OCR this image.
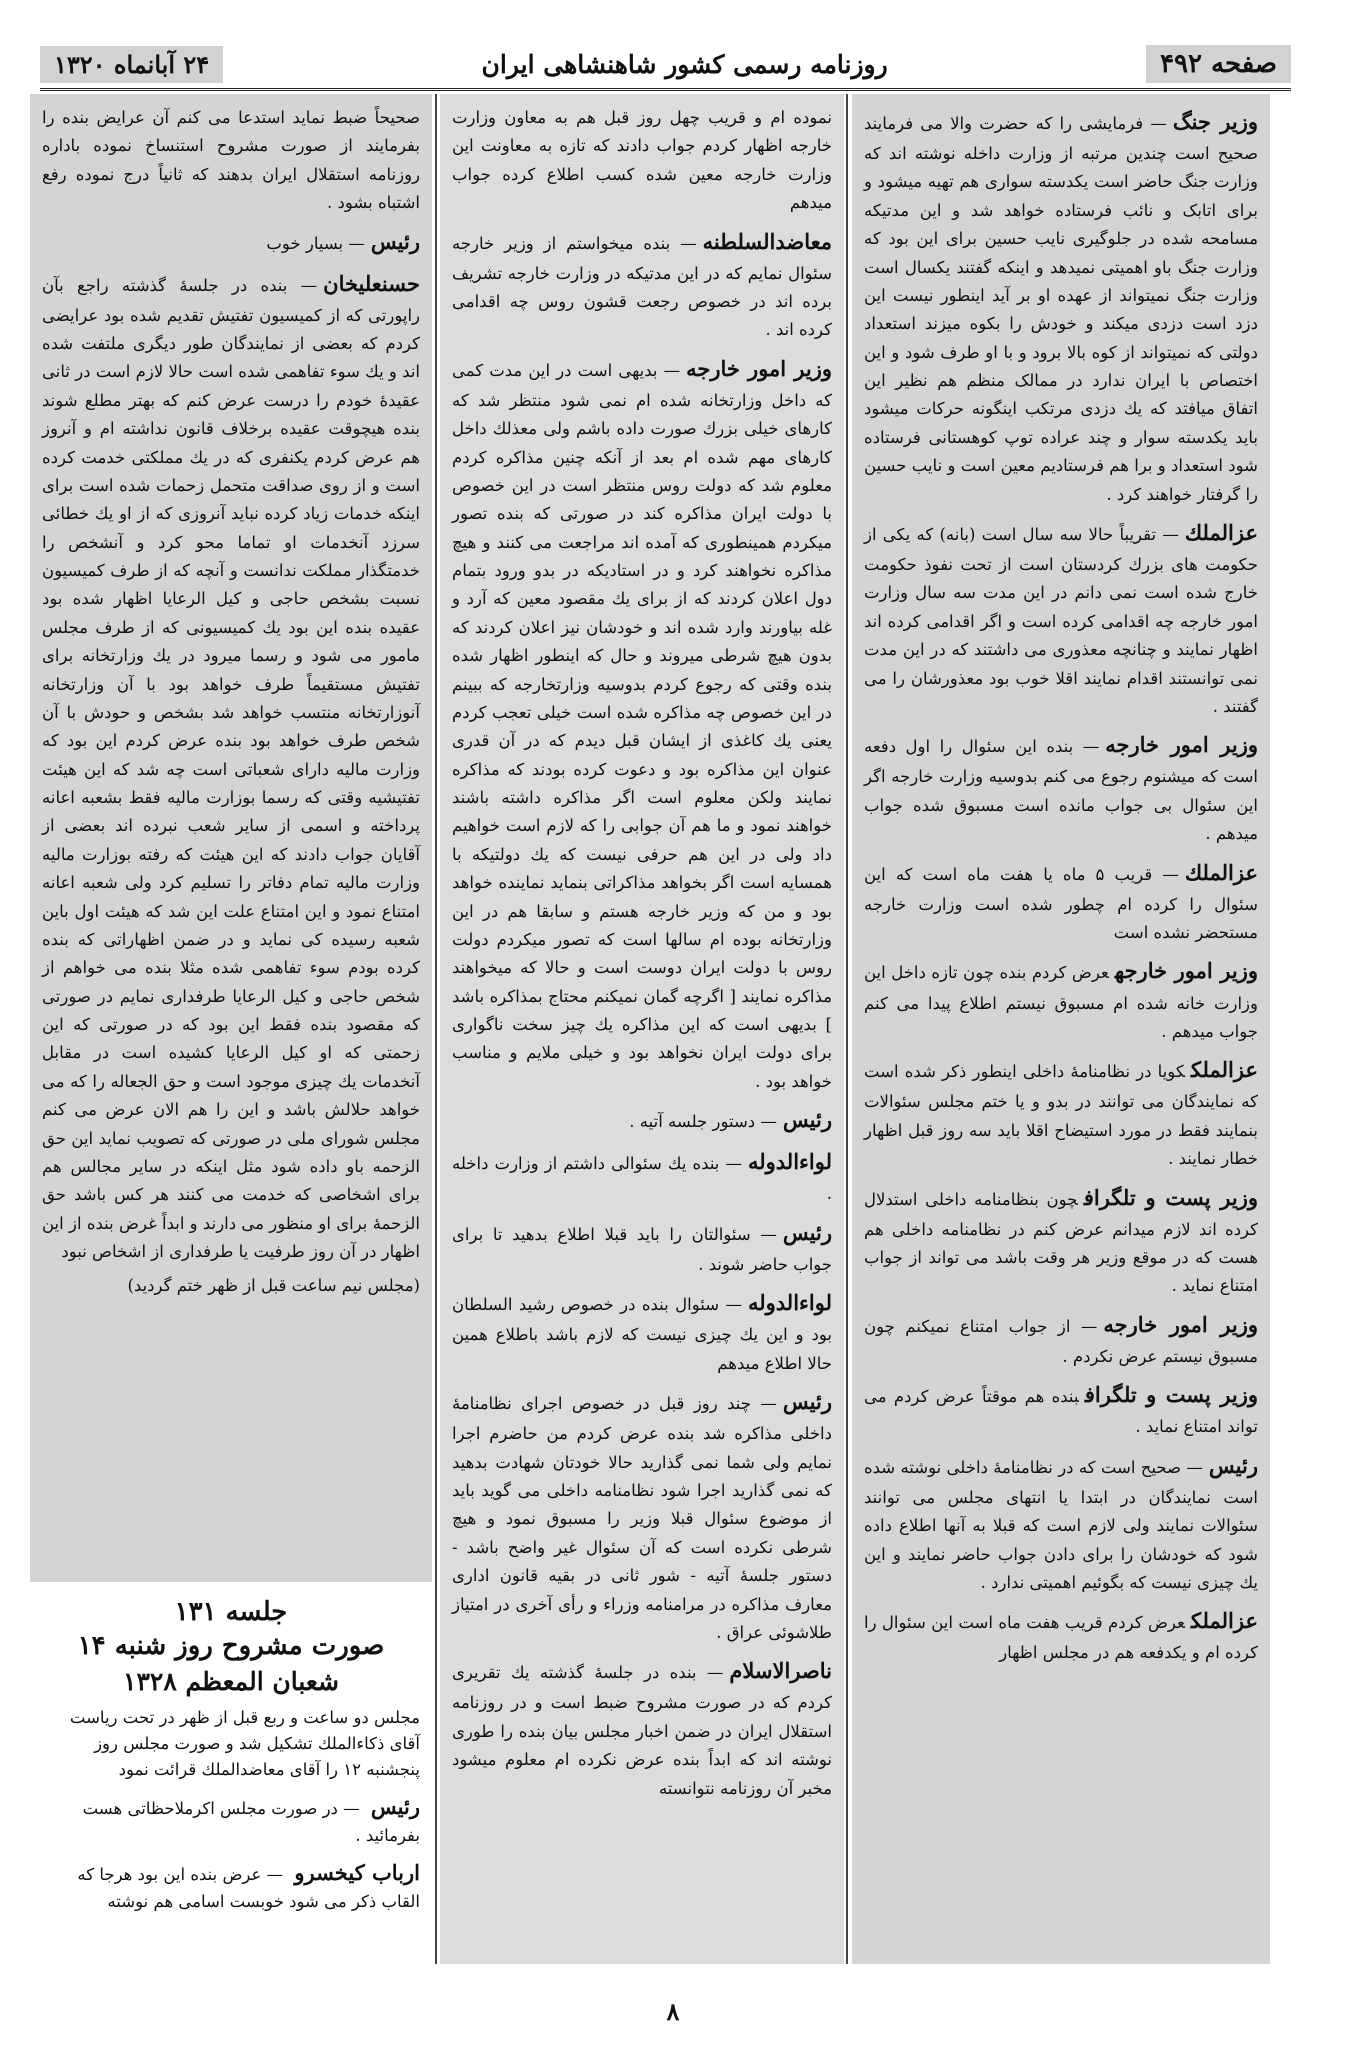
صفحه ۴۹۲
روزنامه رسمی کشور شاهنشاهی ایران
۲۴ آبانماه ۱۳۲۰

وزیر جنگ— فرمایشی را که حضرت والا می فرمایند صحیح است چندین مرتبه از وزارت داخله نوشته اند که وزارت جنگ حاضر است یکدسته سواری هم تهیه میشود و برای اتابک و نائب فرستاده خواهد شد و این مدتیکه مسامحه شده در جلوگیری نایب حسین برای این بود که وزارت جنگ باو اهمیتی نمیدهد و اینکه گفتند یکسال است وزارت جنگ نمیتواند از عهده او بر آید اینطور نیست این دزد است دزدی میکند و خودش را بکوه میزند استعداد دولتی که نمیتواند از کوه بالا برود و با او طرف شود و این اختصاص با ایران ندارد در ممالک منظم هم نظیر این اتفاق میافتد که یك دزدی مرتکب اینگونه حرکات میشود باید یکدسته سوار و چند عراده توپ کوهستانی فرستاده شود استعداد و برا هم فرستادیم معین است و نایب حسین را گرفتار خواهند کرد .

عزالملك— تقریباً حالا سه سال است (بانه) که یکی از حکومت های بزرك کردستان است از تحت نفوذ حکومت خارج شده است نمی دانم در این مدت سه سال وزارت امور خارجه چه اقدامی کرده است و اگر اقدامی کرده اند اظهار نمایند و چنانچه معذوری می داشتند که در این مدت نمی توانستند اقدام نمایند اقلا خوب بود معذورشان را می گفتند .

وزیر امور خارجه— بنده این سئوال را اول دفعه است که میشنوم رجوع می کنم بدوسیه وزارت خارجه اگر این سئوال بی جواب مانده است مسبوق شده جواب میدهم .

عزالملك— قریب ۵ ماه یا هفت ماه است که این سئوال را کرده ام چطور شده است وزارت خارجه مستحضر نشده است

وزیر امور خارجهعرض کردم بنده چون تازه داخل این وزارت خانه شده ام مسبوق نیستم اطلاع پیدا می کنم جواب میدهم .

عزالملكکویا در نظامنامهٔ داخلی اینطور ذکر شده است که نمایندگان می توانند در بدو و یا ختم مجلس سئوالات بنمایند فقط در مورد استیضاح اقلا باید سه روز قبل اظهار خطار نمایند .

وزیر پست و تلگرافچون بنظامنامه داخلی استدلال کرده اند لازم میدانم عرض کنم در نظامنامه داخلی هم هست که در موقع وزیر هر وقت باشد می تواند از جواب امتناع نماید .

وزیر امور خارجه— از جواب امتناع نمیکنم چون مسبوق نیستم عرض نکردم .

وزیر پست و تلگرافبنده هم موقتاً عرض کردم می تواند امتناع نماید .

رئیس— صحیح است که در نظامنامهٔ داخلی نوشته شده است نمایندگان در ابتدا یا انتهای مجلس می توانند سئوالات نمایند ولی لازم است که قبلا به آنها اطلاع داده شود که خودشان را برای دادن جواب حاضر نمایند و این یك چیزی نیست که بگوئیم اهمیتی ندارد .

عزالملكعرض کردم قریب هفت ماه است این سئوال را کرده ام و یکدفعه هم در مجلس اظهار

نموده ام و قریب چهل روز قبل هم به معاون وزارت خارجه اظهار کردم جواب دادند که تازه به معاونت این وزارت خارجه معین شده کسب اطلاع کرده جواب میدهم

معاضدالسلطنه— بنده میخواستم از وزیر خارجه سئوال نمایم که در این مدتیکه در وزارت خارجه تشریف برده اند در خصوص رجعت قشون روس چه اقدامی کرده اند .

وزیر امور خارجه— بدیهی است در این مدت کمی که داخل وزارتخانه شده ام نمی شود منتظر شد که کارهای خیلی بزرك صورت داده باشم ولی معذلك داخل کارهای مهم شده ام بعد از آنکه چنین مذاکره کردم معلوم شد که دولت روس منتظر است در این خصوص با دولت ایران مذاکره کند در صورتی که بنده تصور میکردم همینطوری که آمده اند مراجعت می کنند و هیچ مذاکره نخواهند کرد و در استادیکه در بدو ورود بتمام دول اعلان کردند که از برای یك مقصود معین که آرد و غله بیاورند وارد شده اند و خودشان نیز اعلان کردند که بدون هیچ شرطی میروند و حال که اینطور اظهار شده بنده وقتی که رجوع کردم بدوسیه وزارتخارجه که ببینم در این خصوص چه مذاکره شده است خیلی تعجب کردم یعنی یك کاغذی از ایشان قبل دیدم که در آن قدری عنوان این مذاکره بود و دعوت کرده بودند که مذاکره نمایند ولکن معلوم است اگر مذاکره داشته باشند خواهند نمود و ما هم آن جوابی را که لازم است خواهیم داد ولی در این هم حرفی نیست که یك دولتیکه با همسایه است اگر بخواهد مذاکراتی بنماید نماینده خواهد بود و من که وزیر خارجه هستم و سابقا هم در این وزارتخانه بوده ام سالها است که تصور میکردم دولت روس با دولت ایران دوست است و حالا که میخواهند مذاکره نمایند [ اگرچه گمان نمیکنم محتاج بمذاکره باشد ] بدیهی است که این مذاکره یك چیز سخت ناگواری برای دولت ایران نخواهد بود و خیلی ملایم و مناسب خواهد بود .

رئیس— دستور جلسه آتیه .

لواءالدوله— بنده یك سئوالی داشتم از وزارت داخله .

رئیس— سئوالتان را باید قبلا اطلاع بدهید تا برای جواب حاضر شوند .

لواءالدوله— سئوال بنده در خصوص رشید السلطان بود و این یك چیزی نیست که لازم باشد باطلاع همین حالا اطلاع میدهم

رئیس— چند روز قبل در خصوص اجرای نظامنامهٔ داخلی مذاکره شد بنده عرض کردم من حاضرم اجرا نمایم ولی شما نمی گذارید حالا خودتان شهادت بدهید که نمی گذارید اجرا شود نظامنامه داخلی می گوید باید از موضوع سئوال قبلا وزیر را مسبوق نمود و هیچ شرطی نکرده است که آن سئوال غیر واضح باشد - دستور جلسهٔ آتیه - شور ثانی در بقیه قانون اداری معارف مذاکره در مرامنامه وزراء و رأی آخری در امتیاز طلاشوئی عراق .

ناصرالاسلام— بنده در جلسهٔ گذشته یك تقریری کردم که در صورت مشروح ضبط است و در روزنامه استقلال ایران در ضمن اخبار مجلس بیان بنده را طوری نوشته اند که ابداً بنده عرض نکرده ام معلوم میشود مخبر آن روزنامه نتوانسته

صحیحاً ضبط نماید استدعا می کنم آن عرایض بنده را بفرمایند از صورت مشروح استنساخ نموده باداره روزنامه استقلال ایران بدهند که ثانیاً درج نموده رفع اشتباه بشود .

رئیس— بسیار خوب

حسنعلیخان— بنده در جلسهٔ گذشته راجع بآن راپورتی که از کمیسیون تفتیش تقدیم شده بود عرایضی کردم که بعضی از نمایندگان طور دیگری ملتفت شده اند و یك سوء تفاهمی شده است حالا لازم است در ثانی عقیدهٔ خودم را درست عرض کنم که بهتر مطلع شوند بنده هیچوقت عقیده برخلاف قانون نداشته ام و آنروز هم عرض کردم یکنفری که در یك مملکتی خدمت کرده است و از روی صداقت متحمل زحمات شده است برای اینکه خدمات زیاد کرده نباید آنروزی که از او یك خطائی سرزد آنخدمات او تماما محو کرد و آنشخص را خدمتگذار مملکت ندانست و آنچه که از طرف کمیسیون نسبت بشخص حاجی و کیل الرعایا اظهار شده بود عقیده بنده این بود یك کمیسیونی که از طرف مجلس مامور می شود و رسما میرود در یك وزارتخانه برای تفتیش مستقیماً طرف خواهد بود با آن وزارتخانه آنوزارتخانه منتسب خواهد شد بشخص و حودش با آن شخص طرف خواهد بود بنده عرض کردم این بود که وزارت مالیه دارای شعباتی است چه شد که این هیئت تفتیشیه وقتی که رسما بوزارت مالیه فقط بشعبه اعانه پرداخته و اسمی از سایر شعب نبرده اند بعضی از آقایان جواب دادند که این هیئت که رفته بوزارت مالیه وزارت مالیه تمام دفاتر را تسلیم کرد ولی شعبه اعانه امتناع نمود و این امتناع علت این شد که هیئت اول باین شعبه رسیده کی نماید و در ضمن اظهاراتی که بنده کرده بودم سوء تفاهمی شده مثلا بنده می خواهم از شخص حاجی و کیل الرعایا طرفداری نمایم در صورتی که مقصود بنده فقط این بود که در صورتی که این زحمتی که او کیل الرعایا کشیده است در مقابل آنخدمات یك چیزی موجود است و حق الجعاله را که می خواهد حلالش باشد و این را هم الان عرض می کنم مجلس شورای ملی در صورتی که تصویب نماید این حق الزحمه باو داده شود مثل اینکه در سایر مجالس هم برای اشخاصی که خدمت می کنند هر کس باشد حق الزحمهٔ برای او منظور می دارند و ابداً غرض بنده از این اظهار در آن روز طرفیت یا طرفداری از اشخاص نبود

(مجلس نیم ساعت قبل از ظهر ختم گردید)

جلسه ۱۳۱
صورت مشروح روز شنبه ۱۴
شعبان المعظم ۱۳۲۸

مجلس دو ساعت و ربع قبل از ظهر در تحت ریاست آقای ذکاءالملك تشکیل شد و صورت مجلس روز پنجشنبه ۱۲ را آقای معاضدالملك قرائت نمود

رئیس — در صورت مجلس اکرملاحظاتی هست بفرمائید .

ارباب کیخسرو — عرض بنده این بود هرجا که القاب ذکر می شود خوبست اسامی هم نوشته

۸
